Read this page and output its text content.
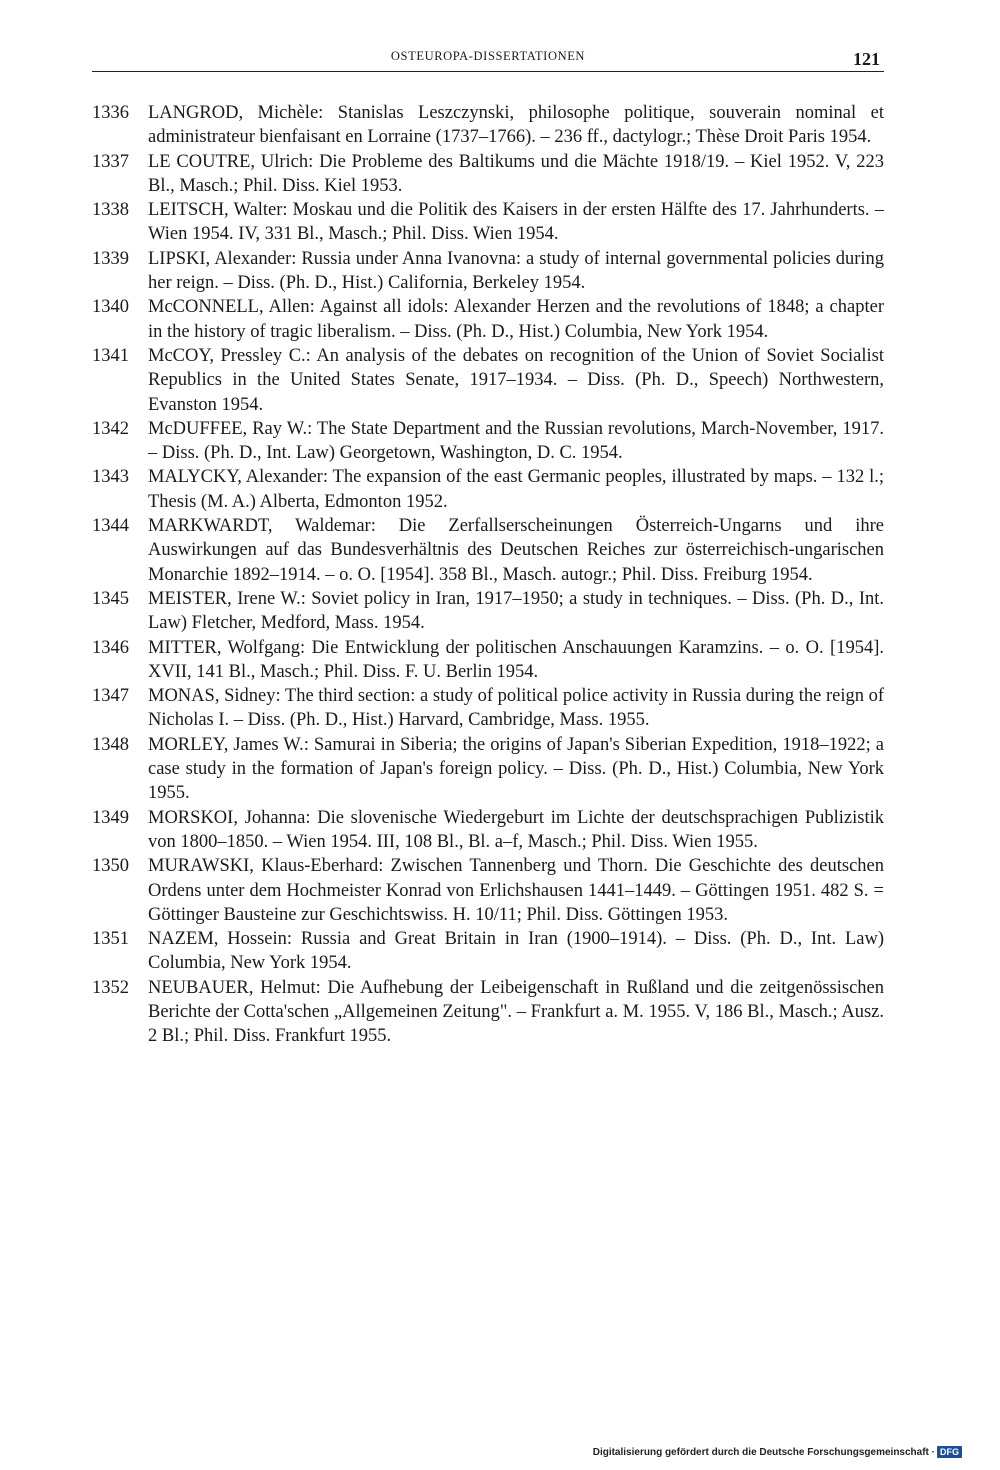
OSTEUROPA-DISSERTATIONEN	121
1336 LANGROD, Michèle: Stanislas Leszczynski, philosophe politique, souverain nominal et administrateur bienfaisant en Lorraine (1737–1766). – 236 ff., dactylogr.; Thèse Droit Paris 1954.
1337 LE COUTRE, Ulrich: Die Probleme des Baltikums und die Mächte 1918/19. – Kiel 1952. V, 223 Bl., Masch.; Phil. Diss. Kiel 1953.
1338 LEITSCH, Walter: Moskau und die Politik des Kaisers in der ersten Hälfte des 17. Jahrhunderts. – Wien 1954. IV, 331 Bl., Masch.; Phil. Diss. Wien 1954.
1339 LIPSKI, Alexander: Russia under Anna Ivanovna: a study of internal governmental policies during her reign. – Diss. (Ph. D., Hist.) California, Berkeley 1954.
1340 McCONNELL, Allen: Against all idols: Alexander Herzen and the revolutions of 1848; a chapter in the history of tragic liberalism. – Diss. (Ph. D., Hist.) Columbia, New York 1954.
1341 McCOY, Pressley C.: An analysis of the debates on recognition of the Union of Soviet Socialist Republics in the United States Senate, 1917–1934. – Diss. (Ph. D., Speech) Northwestern, Evanston 1954.
1342 McDUFFEE, Ray W.: The State Department and the Russian revolutions, March-November, 1917. – Diss. (Ph. D., Int. Law) Georgetown, Washington, D. C. 1954.
1343 MALYCKY, Alexander: The expansion of the east Germanic peoples, illustrated by maps. – 132 l.; Thesis (M. A.) Alberta, Edmonton 1952.
1344 MARKWARDT, Waldemar: Die Zerfallserscheinungen Österreich-Ungarns und ihre Auswirkungen auf das Bundesverhältnis des Deutschen Reiches zur österreichisch-ungarischen Monarchie 1892–1914. – o. O. [1954]. 358 Bl., Masch. autogr.; Phil. Diss. Freiburg 1954.
1345 MEISTER, Irene W.: Soviet policy in Iran, 1917–1950; a study in techniques. – Diss. (Ph. D., Int. Law) Fletcher, Medford, Mass. 1954.
1346 MITTER, Wolfgang: Die Entwicklung der politischen Anschauungen Karamzins. – o. O. [1954]. XVII, 141 Bl., Masch.; Phil. Diss. F. U. Berlin 1954.
1347 MONAS, Sidney: The third section: a study of political police activity in Russia during the reign of Nicholas I. – Diss. (Ph. D., Hist.) Harvard, Cambridge, Mass. 1955.
1348 MORLEY, James W.: Samurai in Siberia; the origins of Japan's Siberian Expedition, 1918–1922; a case study in the formation of Japan's foreign policy. – Diss. (Ph. D., Hist.) Columbia, New York 1955.
1349 MORSKOI, Johanna: Die slovenische Wiedergeburt im Lichte der deutschsprachigen Publizistik von 1800–1850. – Wien 1954. III, 108 Bl., Bl. a–f, Masch.; Phil. Diss. Wien 1955.
1350 MURAWSKI, Klaus-Eberhard: Zwischen Tannenberg und Thorn. Die Geschichte des deutschen Ordens unter dem Hochmeister Konrad von Erlichshausen 1441–1449. – Göttingen 1951. 482 S. = Göttinger Bausteine zur Geschichtswiss. H. 10/11; Phil. Diss. Göttingen 1953.
1351 NAZEM, Hossein: Russia and Great Britain in Iran (1900–1914). – Diss. (Ph. D., Int. Law) Columbia, New York 1954.
1352 NEUBAUER, Helmut: Die Aufhebung der Leibeigenschaft in Rußland und die zeitgenössischen Berichte der Cotta'schen „Allgemeinen Zeitung". – Frankfurt a. M. 1955. V, 186 Bl., Masch.; Ausz. 2 Bl.; Phil. Diss. Frankfurt 1955.
Digitalisierung gefördert durch die Deutsche Forschungsgemeinschaft · DFG
